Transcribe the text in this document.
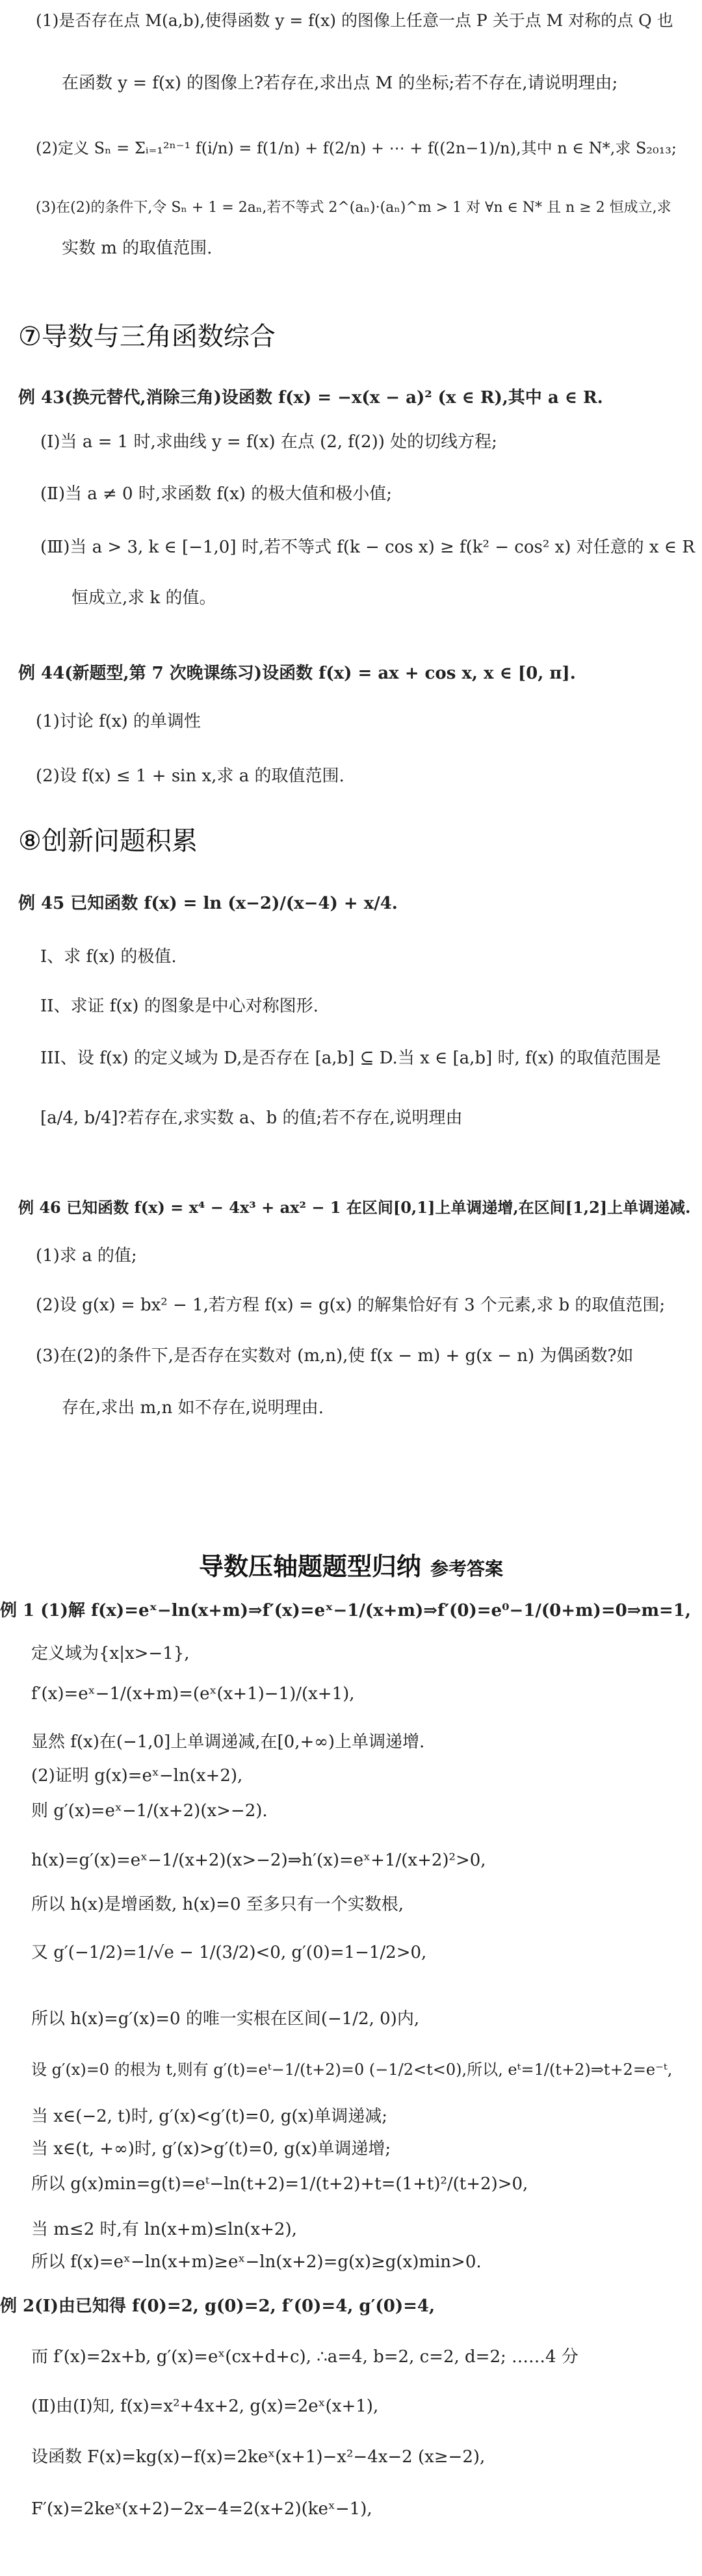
⑦导数与三角函数综合
⑧创新问题积累
(1)是否存在点 M(a,b),使得函数 y = f(x) 的图像上任意一点 P 关于点 M 对称的点 Q 也
在函数 y = f(x) 的图像上?若存在,求出点 M 的坐标;若不存在,请说明理由;
(2)定义 Sₙ = Σᵢ₌₁²ⁿ⁻¹ f(i/n) = f(1/n) + f(2/n) + ⋯ + f((2n−1)/n),其中 n ∈ N*,求 S₂₀₁₃;
(3)在(2)的条件下,令 Sₙ + 1 = 2aₙ,若不等式 2^(aₙ)·(aₙ)^m > 1 对 ∀n ∈ N* 且 n ≥ 2 恒成立,求
实数 m 的取值范围.
例 43(换元替代,消除三角)设函数 f(x) = −x(x − a)² (x ∈ R),其中 a ∈ R.
(Ⅰ)当 a = 1 时,求曲线 y = f(x) 在点 (2, f(2)) 处的切线方程;
(Ⅱ)当 a ≠ 0 时,求函数 f(x) 的极大值和极小值;
(Ⅲ)当 a > 3, k ∈ [−1,0] 时,若不等式 f(k − cos x) ≥ f(k² − cos² x) 对任意的 x ∈ R
恒成立,求 k 的值。
例 44(新题型,第 7 次晚课练习)设函数 f(x) = ax + cos x, x ∈ [0, π].
(1)讨论 f(x) 的单调性
(2)设 f(x) ≤ 1 + sin x,求 a 的取值范围.
例 45 已知函数 f(x) = ln (x−2)/(x−4) + x/4.
I、求 f(x) 的极值.
II、求证 f(x) 的图象是中心对称图形.
III、设 f(x) 的定义域为 D,是否存在 [a,b] ⊆ D.当 x ∈ [a,b] 时, f(x) 的取值范围是
[a/4, b/4]?若存在,求实数 a、b 的值;若不存在,说明理由
例 46 已知函数 f(x) = x⁴ − 4x³ + ax² − 1 在区间[0,1]上单调递增,在区间[1,2]上单调递减.
(1)求 a 的值;
(2)设 g(x) = bx² − 1,若方程 f(x) = g(x) 的解集恰好有 3 个元素,求 b 的取值范围;
(3)在(2)的条件下,是否存在实数对 (m,n),使 f(x − m) + g(x − n) 为偶函数?如
存在,求出 m,n 如不存在,说明理由.
例 1 (1)解 f(x)=eˣ−ln(x+m)⇒f′(x)=eˣ−1/(x+m)⇒f′(0)=e⁰−1/(0+m)=0⇒m=1,
定义域为{x|x>−1},
f′(x)=eˣ−1/(x+m)=(eˣ(x+1)−1)/(x+1),
显然 f(x)在(−1,0]上单调递减,在[0,+∞)上单调递增.
(2)证明 g(x)=eˣ−ln(x+2),
则 g′(x)=eˣ−1/(x+2)(x>−2).
h(x)=g′(x)=eˣ−1/(x+2)(x>−2)⇒h′(x)=eˣ+1/(x+2)²>0,
所以 h(x)是增函数, h(x)=0 至多只有一个实数根,
又 g′(−1/2)=1/√e − 1/(3/2)<0, g′(0)=1−1/2>0,
所以 h(x)=g′(x)=0 的唯一实根在区间(−1/2, 0)内,
设 g′(x)=0 的根为 t,则有 g′(t)=eᵗ−1/(t+2)=0 (−1/2<t<0),所以, eᵗ=1/(t+2)⇒t+2=e⁻ᵗ,
当 x∈(−2, t)时, g′(x)<g′(t)=0, g(x)单调递减;
当 x∈(t, +∞)时, g′(x)>g′(t)=0, g(x)单调递增;
所以 g(x)min=g(t)=eᵗ−ln(t+2)=1/(t+2)+t=(1+t)²/(t+2)>0,
当 m≤2 时,有 ln(x+m)≤ln(x+2),
所以 f(x)=eˣ−ln(x+m)≥eˣ−ln(x+2)=g(x)≥g(x)min>0.
例 2(Ⅰ)由已知得 f(0)=2, g(0)=2, f′(0)=4, g′(0)=4,
而 f′(x)=2x+b, g′(x)=eˣ(cx+d+c), ∴a=4, b=2, c=2, d=2; ……4 分
(Ⅱ)由(Ⅰ)知, f(x)=x²+4x+2, g(x)=2eˣ(x+1),
设函数 F(x)=kg(x)−f(x)=2keˣ(x+1)−x²−4x−2 (x≥−2),
F′(x)=2keˣ(x+2)−2x−4=2(x+2)(keˣ−1),
导数压轴题题型归纳 参考答案
